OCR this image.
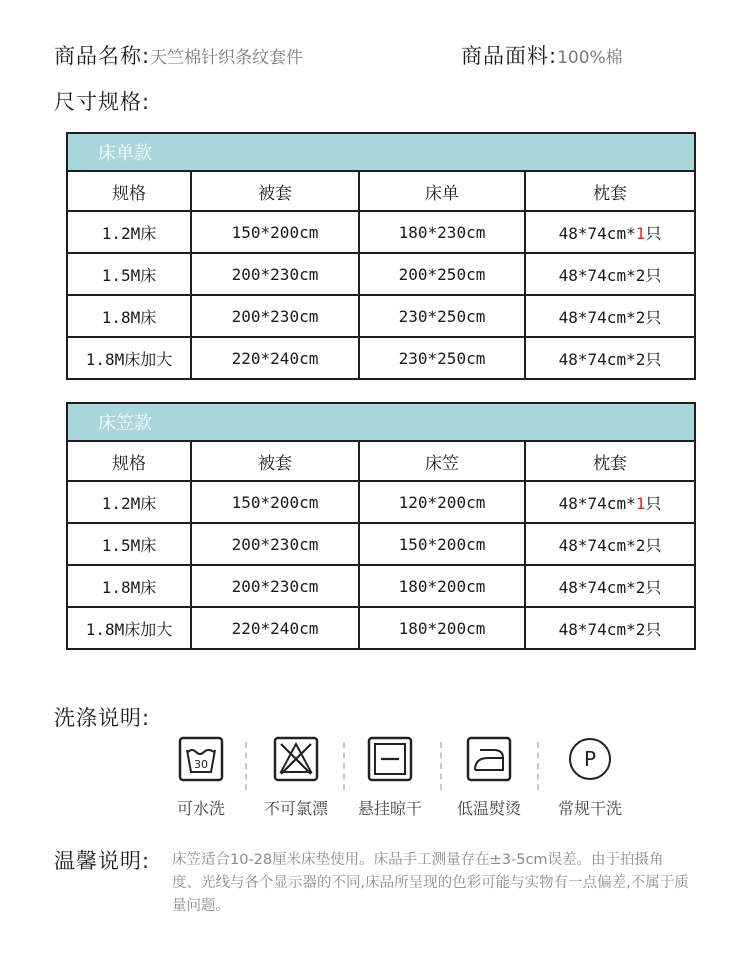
商品名称:天竺棉针织条纹套件	商品面料:100%棉
尺寸规格:
床单款			
规格	被套	床单	枕套
1.2M床	150*200cm	180*230cm	48*74cm*1只
1.5M床	200*230cm	200*250cm	48*74cm*2只
1.8M床	200*230cm	230*250cm	48*74cm*2只
1.8M床加大	220*240cm	230*250cm	48*74cm*2只
床笠款			
规格	被套	床笠	枕套
1.2M床	150*200cm	120*200cm	48*74cm*1只
1.5M床	200*230cm	150*200cm	48*74cm*2只
1.8M床	200*230cm	180*200cm	48*74cm*2只
1.8M床加大	220*240cm	180*200cm	48*74cm*2只
洗涤说明:
30
可水洗	不可氯漂	悬挂晾干	低温熨烫
P
常规干洗
温馨说明: 床笠适合10-28厘米床垫使用。床品手工测量存在±3-5cm误差。由于拍摄角度、光线与各个显示器的不同,床品所呈现的色彩可能与实物有一点偏差,不属于质量问题。
